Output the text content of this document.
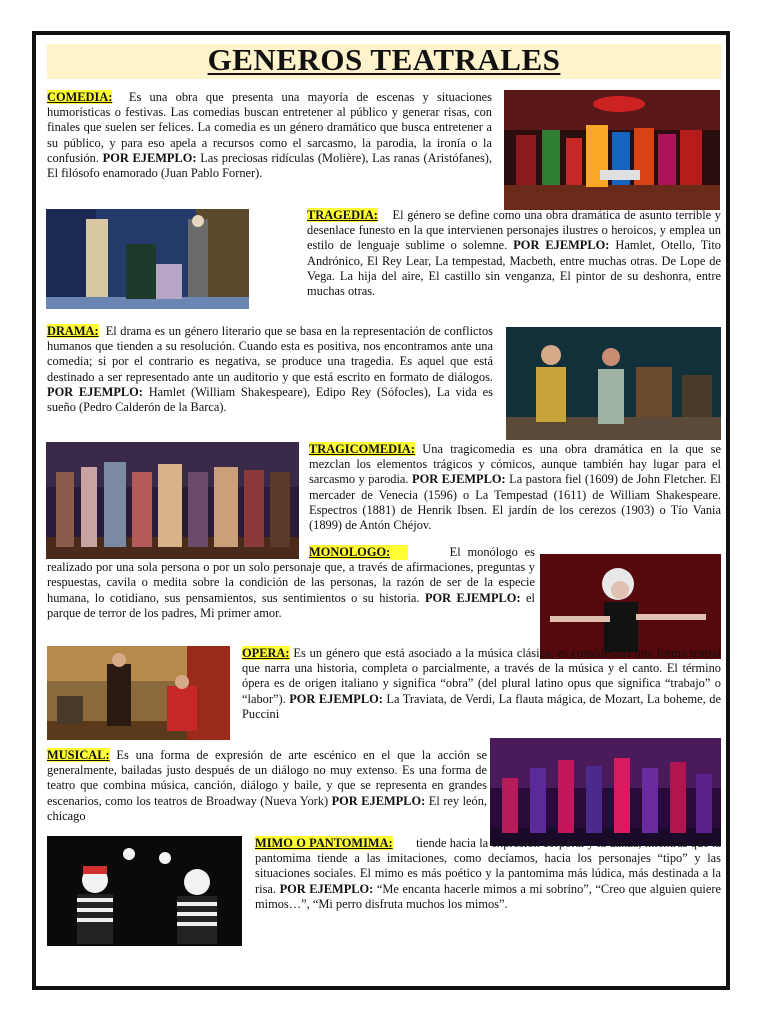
GENEROS TEATRALES

COMEDIA: Es una obra que presenta una mayoría de escenas y situaciones humorísticas o festivas. Las comedias buscan entretener al público y generar risas, con finales que suelen ser felices. La comedia es un género dramático que busca entretener a su público, y para eso apela a recursos como el sarcasmo, la parodia, la ironía o la confusión. POR EJEMPLO: Las preciosas ridículas (Molière), Las ranas (Aristófanes), El filósofo enamorado (Juan Pablo Forner).

TRAGEDIA: El género se define como una obra dramática de asunto terrible y desenlace funesto en la que intervienen personajes ilustres o heroicos, y emplea un estilo de lenguaje sublime o solemne. POR EJEMPLO: Hamlet, Otello, Tito Andrónico, El Rey Lear, La tempestad, Macbeth, entre muchas otras. De Lope de Vega. La hija del aire, El castillo sin venganza, El pintor de su deshonra, entre muchas otras.

DRAMA: El drama es un género literario que se basa en la representación de conflictos humanos que tienden a su resolución. Cuando esta es positiva, nos encontramos ante una comedia; si por el contrario es negativa, se produce una tragedia. Es aquel que está destinado a ser representado ante un auditorio y que está escrito en formato de diálogos. POR EJEMPLO: Hamlet (William Shakespeare), Edipo Rey (Sófocles), La vida es sueño (Pedro Calderón de la Barca).

TRAGICOMEDIA: Una tragicomedia es una obra dramática en la que se mezclan los elementos trágicos y cómicos, aunque también hay lugar para el sarcasmo y parodia. POR EJEMPLO: La pastora fiel (1609) de John Fletcher. El mercader de Venecia (1596) o La Tempestad (1611) de William Shakespeare. Espectros (1881) de Henrik Ibsen. El jardín de los cerezos (1903) o Tío Vania (1899) de Antón Chéjov.

MONOLOGO:	El monólogo es realizado por una sola persona o por un solo personaje que, a través de afirmaciones, preguntas y respuestas, cavila o medita sobre la condición de las personas, la razón de ser de la especie humana, lo cotidiano, sus pensamientos, sus sentimientos o su historia. POR EJEMPLO: el parque de terror de los padres, Mi primer amor.

OPERA: Es un género que está asociado a la música clásica, es considerada una forma teatral que narra una historia, completa o parcialmente, a través de la música y el canto. El término ópera es de origen italiano y significa “obra” (del plural latino opus que significa “trabajo” o “labor”). POR EJEMPLO: La Traviata, de Verdi, La flauta mágica, de Mozart, La boheme, de Puccini

MUSICAL: Es una forma de expresión de arte escénico en el que la acción se generalmente, bailadas justo después de un diálogo no muy extenso. Es una forma de teatro que combina música, canción, diálogo y baile, y que se representa en grandes escenarios, como los teatros de Broadway (Nueva York) POR EJEMPLO: El rey león, chicago

MIMO O PANTOMIMA: tiende hacia la expresión corporal y la danza, mientras que la pantomima tiende a las imitaciones, como decíamos, hacia los personajes “tipo” y las situaciones sociales. El mimo es más poético y la pantomima más lúdica, más destinada a la risa. POR EJEMPLO: “Me encanta hacerle mimos a mi sobrino”, “Creo que alguien quiere mimos…”, “Mi perro disfruta muchos los mimos”.
